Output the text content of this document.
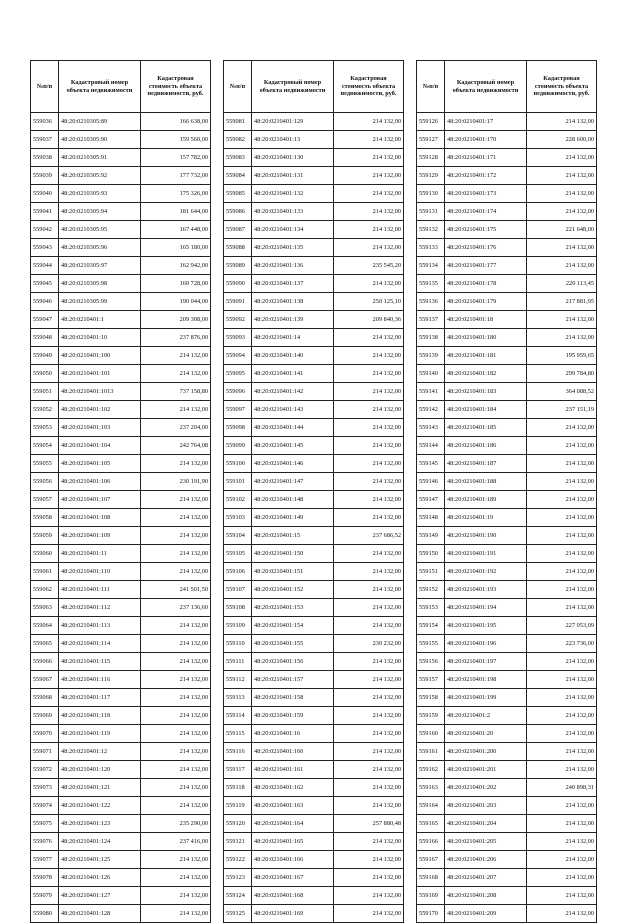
№п/п	Кадастровый номер объекта недвижимости	Кадастровая стоимость объекта недвижимости, руб.
559036	48:20:0210305:89	166 638,00
559037	48:20:0210305:90	159 560,00
559038	48:20:0210305:91	157 782,00
559039	48:20:0210305:92	177 732,00
559040	48:20:0210305:93	175 326,00
559041	48:20:0210305:94	181 644,00
559042	48:20:0210305:95	167 448,00
559043	48:20:0210305:96	165 180,00
559044	48:20:0210305:97	162 942,00
559045	48:20:0210305:98	160 728,00
559046	48:20:0210305:99	190 044,00
559047	48:20:0210401:1	209 308,00
559048	48:20:0210401:10	237 876,00
559049	48:20:0210401:100	214 132,00
559050	48:20:0210401:101	214 132,00
559051	48:20:0210401:1013	737 158,80
559052	48:20:0210401:102	214 132,00
559053	48:20:0210401:103	237 204,00
559054	48:20:0210401:104	242 764,08
559055	48:20:0210401:105	214 132,00
559056	48:20:0210401:106	230 191,90
559057	48:20:0210401:107	214 132,00
559058	48:20:0210401:108	214 132,00
559059	48:20:0210401:109	214 132,00
559060	48:20:0210401:11	214 132,00
559061	48:20:0210401:110	214 132,00
559062	48:20:0210401:111	241 501,50
559063	48:20:0210401:112	237 136,60
559064	48:20:0210401:113	214 132,00
559065	48:20:0210401:114	214 132,00
559066	48:20:0210401:115	214 132,00
559067	48:20:0210401:116	214 132,00
559068	48:20:0210401:117	214 132,00
559069	48:20:0210401:118	214 132,00
559070	48:20:0210401:119	214 132,00
559071	48:20:0210401:12	214 132,00
559072	48:20:0210401:120	214 132,00
559073	48:20:0210401:121	214 132,00
559074	48:20:0210401:122	214 132,00
559075	48:20:0210401:123	235 290,00
559076	48:20:0210401:124	237 416,00
559077	48:20:0210401:125	214 132,00
559078	48:20:0210401:126	214 132,00
559079	48:20:0210401:127	214 132,00
559080	48:20:0210401:128	214 132,00
№п/п	Кадастровый номер объекта недвижимости	Кадастровая стоимость объекта недвижимости, руб.
559081	48:20:0210401:129	214 132,00
559082	48:20:0210401:13	214 132,00
559083	48:20:0210401:130	214 132,00
559084	48:20:0210401:131	214 132,00
559085	48:20:0210401:132	214 132,00
559086	48:20:0210401:133	214 132,00
559087	48:20:0210401:134	214 132,00
559088	48:20:0210401:135	214 132,00
559089	48:20:0210401:136	235 545,20
559090	48:20:0210401:137	214 132,00
559091	48:20:0210401:138	250 125,10
559092	48:20:0210401:139	209 840,36
559093	48:20:0210401:14	214 132,00
559094	48:20:0210401:140	214 132,00
559095	48:20:0210401:141	214 132,00
559096	48:20:0210401:142	214 132,00
559097	48:20:0210401:143	214 132,00
559098	48:20:0210401:144	214 132,00
559099	48:20:0210401:145	214 132,00
559100	48:20:0210401:146	214 132,00
559101	48:20:0210401:147	214 132,00
559102	48:20:0210401:148	214 132,00
559103	48:20:0210401:149	214 132,00
559104	48:20:0210401:15	237 686,52
559105	48:20:0210401:150	214 132,00
559106	48:20:0210401:151	214 132,00
559107	48:20:0210401:152	214 132,00
559108	48:20:0210401:153	214 132,00
559109	48:20:0210401:154	214 132,00
559110	48:20:0210401:155	230 232,00
559111	48:20:0210401:156	214 132,00
559112	48:20:0210401:157	214 132,00
559113	48:20:0210401:158	214 132,00
559114	48:20:0210401:159	214 132,00
559115	48:20:0210401:16	214 132,00
559116	48:20:0210401:160	214 132,00
559117	48:20:0210401:161	214 132,00
559118	48:20:0210401:162	214 132,00
559119	48:20:0210401:163	214 132,00
559120	48:20:0210401:164	257 880,48
559121	48:20:0210401:165	214 132,00
559122	48:20:0210401:166	214 132,00
559123	48:20:0210401:167	214 132,00
559124	48:20:0210401:168	214 132,00
559125	48:20:0210401:169	214 132,00
№п/п	Кадастровый номер объекта недвижимости	Кадастровая стоимость объекта недвижимости, руб.
559126	48:20:0210401:17	214 132,00
559127	48:20:0210401:170	228 600,00
559128	48:20:0210401:171	214 132,00
559129	48:20:0210401:172	214 132,00
559130	48:20:0210401:173	214 132,00
559131	48:20:0210401:174	214 132,00
559132	48:20:0210401:175	221 648,00
559133	48:20:0210401:176	214 132,00
559134	48:20:0210401:177	214 132,00
559135	48:20:0210401:178	220 113,45
559136	48:20:0210401:179	217 881,95
559137	48:20:0210401:18	214 132,00
559138	48:20:0210401:180	214 132,00
559139	48:20:0210401:181	195 959,65
559140	48:20:0210401:182	299 784,80
559141	48:20:0210401:183	364 088,52
559142	48:20:0210401:184	237 151,19
559143	48:20:0210401:185	214 132,00
559144	48:20:0210401:186	214 132,00
559145	48:20:0210401:187	214 132,00
559146	48:20:0210401:188	214 132,00
559147	48:20:0210401:189	214 132,00
559148	48:20:0210401:19	214 132,00
559149	48:20:0210401:190	214 132,00
559150	48:20:0210401:191	214 132,00
559151	48:20:0210401:192	214 132,00
559152	48:20:0210401:193	214 132,00
559153	48:20:0210401:194	214 132,00
559154	48:20:0210401:195	227 053,09
559155	48:20:0210401:196	223 736,00
559156	48:20:0210401:197	214 132,00
559157	48:20:0210401:198	214 132,00
559158	48:20:0210401:199	214 132,00
559159	48:20:0210401:2	214 132,00
559160	48:20:0210401:20	214 132,00
559161	48:20:0210401:200	214 132,00
559162	48:20:0210401:201	214 132,00
559163	48:20:0210401:202	240 898,31
559164	48:20:0210401:203	214 132,00
559165	48:20:0210401:204	214 132,00
559166	48:20:0210401:205	214 132,00
559167	48:20:0210401:206	214 132,00
559168	48:20:0210401:207	214 132,00
559169	48:20:0210401:208	214 132,00
559170	48:20:0210401:209	214 132,00
